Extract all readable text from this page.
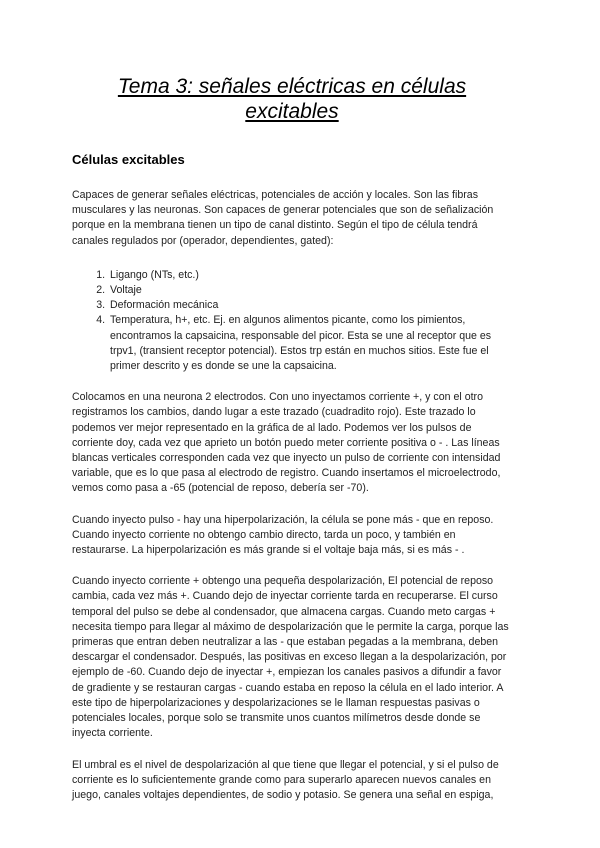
Tema 3: señales eléctricas en células excitables
Células excitables

Capaces de generar señales eléctricas, potenciales de acción y locales. Son las fibras musculares y las neuronas. Son capaces de generar potenciales que son de señalización porque en la membrana tienen un tipo de canal distinto. Según el tipo de célula tendrá canales regulados por (operador, dependientes, gated):

1. Ligango (NTs, etc.)
2. Voltaje
3. Deformación mecánica
4. Temperatura, h+, etc. Ej. en algunos alimentos picante, como los pimientos, encontramos la capsaicina, responsable del picor. Esta se une al receptor que es trpv1, (transient receptor potencial). Estos trp están en muchos sitios. Este fue el primer descrito y es donde se une la capsaicina.

Colocamos en una neurona 2 electrodos. Con uno inyectamos corriente +, y con el otro registramos los cambios, dando lugar a este trazado (cuadradito rojo). Este trazado lo podemos ver mejor representado en la gráfica de al lado. Podemos ver los pulsos de corriente doy, cada vez que aprieto un botón puedo meter corriente positiva o - . Las líneas blancas verticales corresponden cada vez que inyecto un pulso de corriente con intensidad variable, que es lo que pasa al electrodo de registro. Cuando insertamos el microelectrodo, vemos como pasa a -65 (potencial de reposo, debería ser -70).

Cuando inyecto pulso - hay una hiperpolarización, la célula se pone más - que en reposo. Cuando inyecto corriente no obtengo cambio directo, tarda un poco, y también en restaurarse. La hiperpolarización es más grande si el voltaje baja más, si es más - .

Cuando inyecto corriente + obtengo una pequeña despolarización, El potencial de reposo cambia, cada vez más +. Cuando dejo de inyectar corriente tarda en recuperarse. El curso temporal del pulso se debe al condensador, que almacena cargas. Cuando meto cargas + necesita tiempo para llegar al máximo de despolarización que le permite la carga, porque las primeras que entran deben neutralizar a las - que estaban pegadas a la membrana, deben descargar el condensador. Después, las positivas en exceso llegan a la despolarización, por ejemplo de -60. Cuando dejo de inyectar +, empiezan los canales pasivos a difundir a favor de gradiente y se restauran cargas - cuando estaba en reposo la célula en el lado interior. A este tipo de hiperpolarizaciones y despolarizaciones se le llaman respuestas pasivas o potenciales locales, porque solo se transmite unos cuantos milímetros desde donde se inyecta corriente.

El umbral es el nivel de despolarización al que tiene que llegar el potencial, y si el pulso de corriente es lo suficientemente grande como para superarlo aparecen nuevos canales en juego, canales voltajes dependientes, de sodio y potasio. Se genera una señal en espiga,
